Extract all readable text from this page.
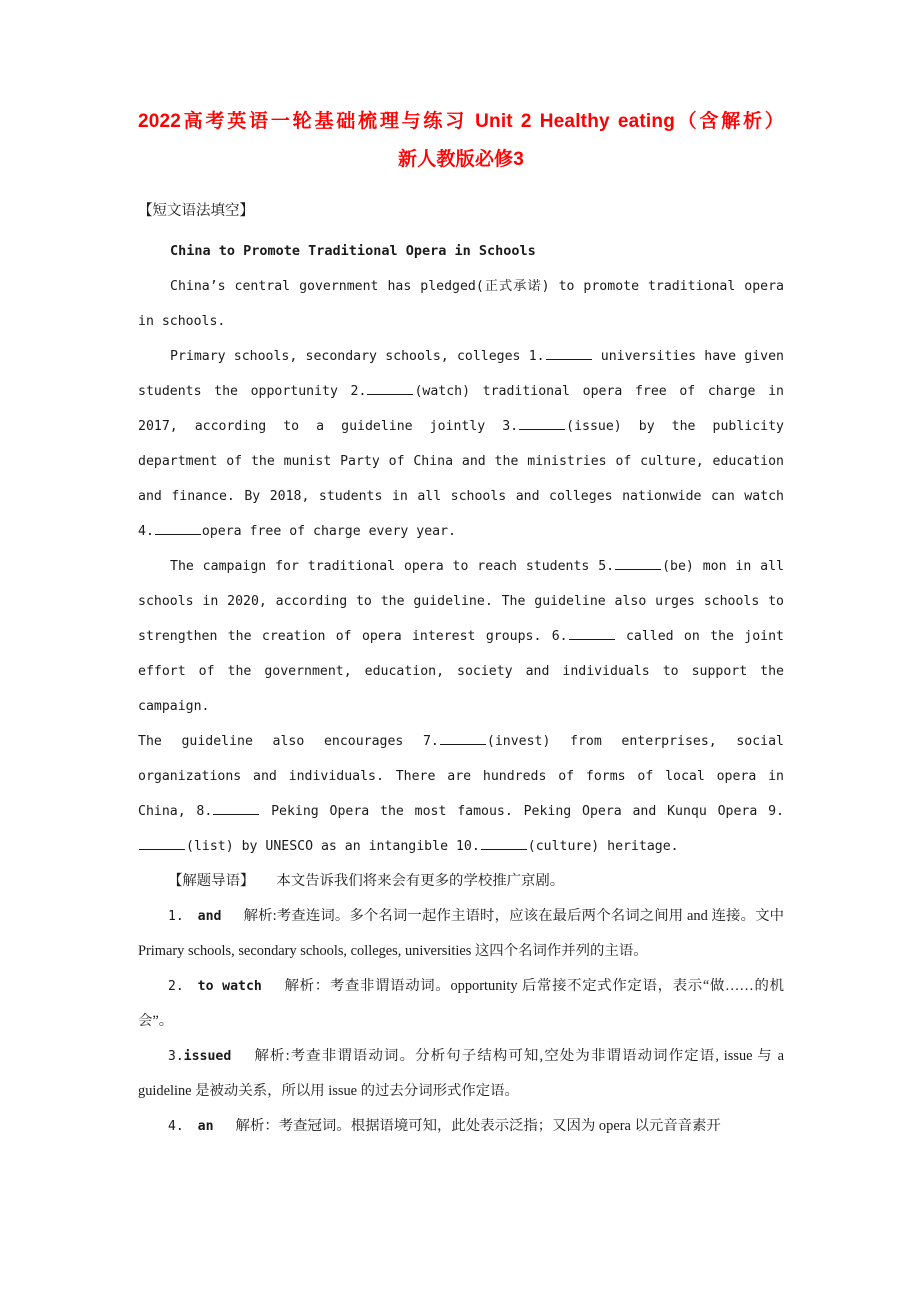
2022高考英语一轮基础梳理与练习 Unit 2 Healthy eating（含解析）
新人教版必修3
【短文语法填空】
China to Promote Traditional Opera in Schools

China’s central government has pledged(正式承诺) to promote traditional opera in schools.

Primary schools, secondary schools, colleges 1.	universities have given students the opportunity 2.	(watch) traditional opera free of charge in 2017, according to a guideline jointly 3.	(issue) by the publicity department of the munist Party of China and the ministries of culture, education and finance. By 2018, students in all schools and colleges nationwide can watch 4.	opera free of charge every year.

The campaign for traditional opera to reach students 5.	(be) mon in all schools in 2020, according to the guideline. The guideline also urges schools to strengthen the creation of opera interest groups. 6.	called on the joint effort of the government, education, society and individuals to support the campaign.

The guideline also encourages 7.	(invest) from enterprises, social organizations and individuals. There are hundreds of forms of local opera in China, 8.	Peking Opera the most famous. Peking Opera and Kunqu Opera 9.(list) by UNESCO as an intangible 10.	(culture) heritage.

【解题导语】 本文告诉我们将来会有更多的学校推广京剧。

1. and 解析:考查连词。多个名词一起作主语时，应该在最后两个名词之间用 and 连接。文中 Primary schools, secondary schools, colleges, universities 这四个名词作并列的主语。

2. to watch 解析：考查非谓语动词。opportunity 后常接不定式作定语，表示“做……的机会”。

3.issued 解析:考查非谓语动词。分析句子结构可知,空处为非谓语动词作定语, issue 与 a guideline 是被动关系，所以用 issue 的过去分词形式作定语。

4. an 解析：考查冠词。根据语境可知，此处表示泛指；又因为 opera 以元音音素开
